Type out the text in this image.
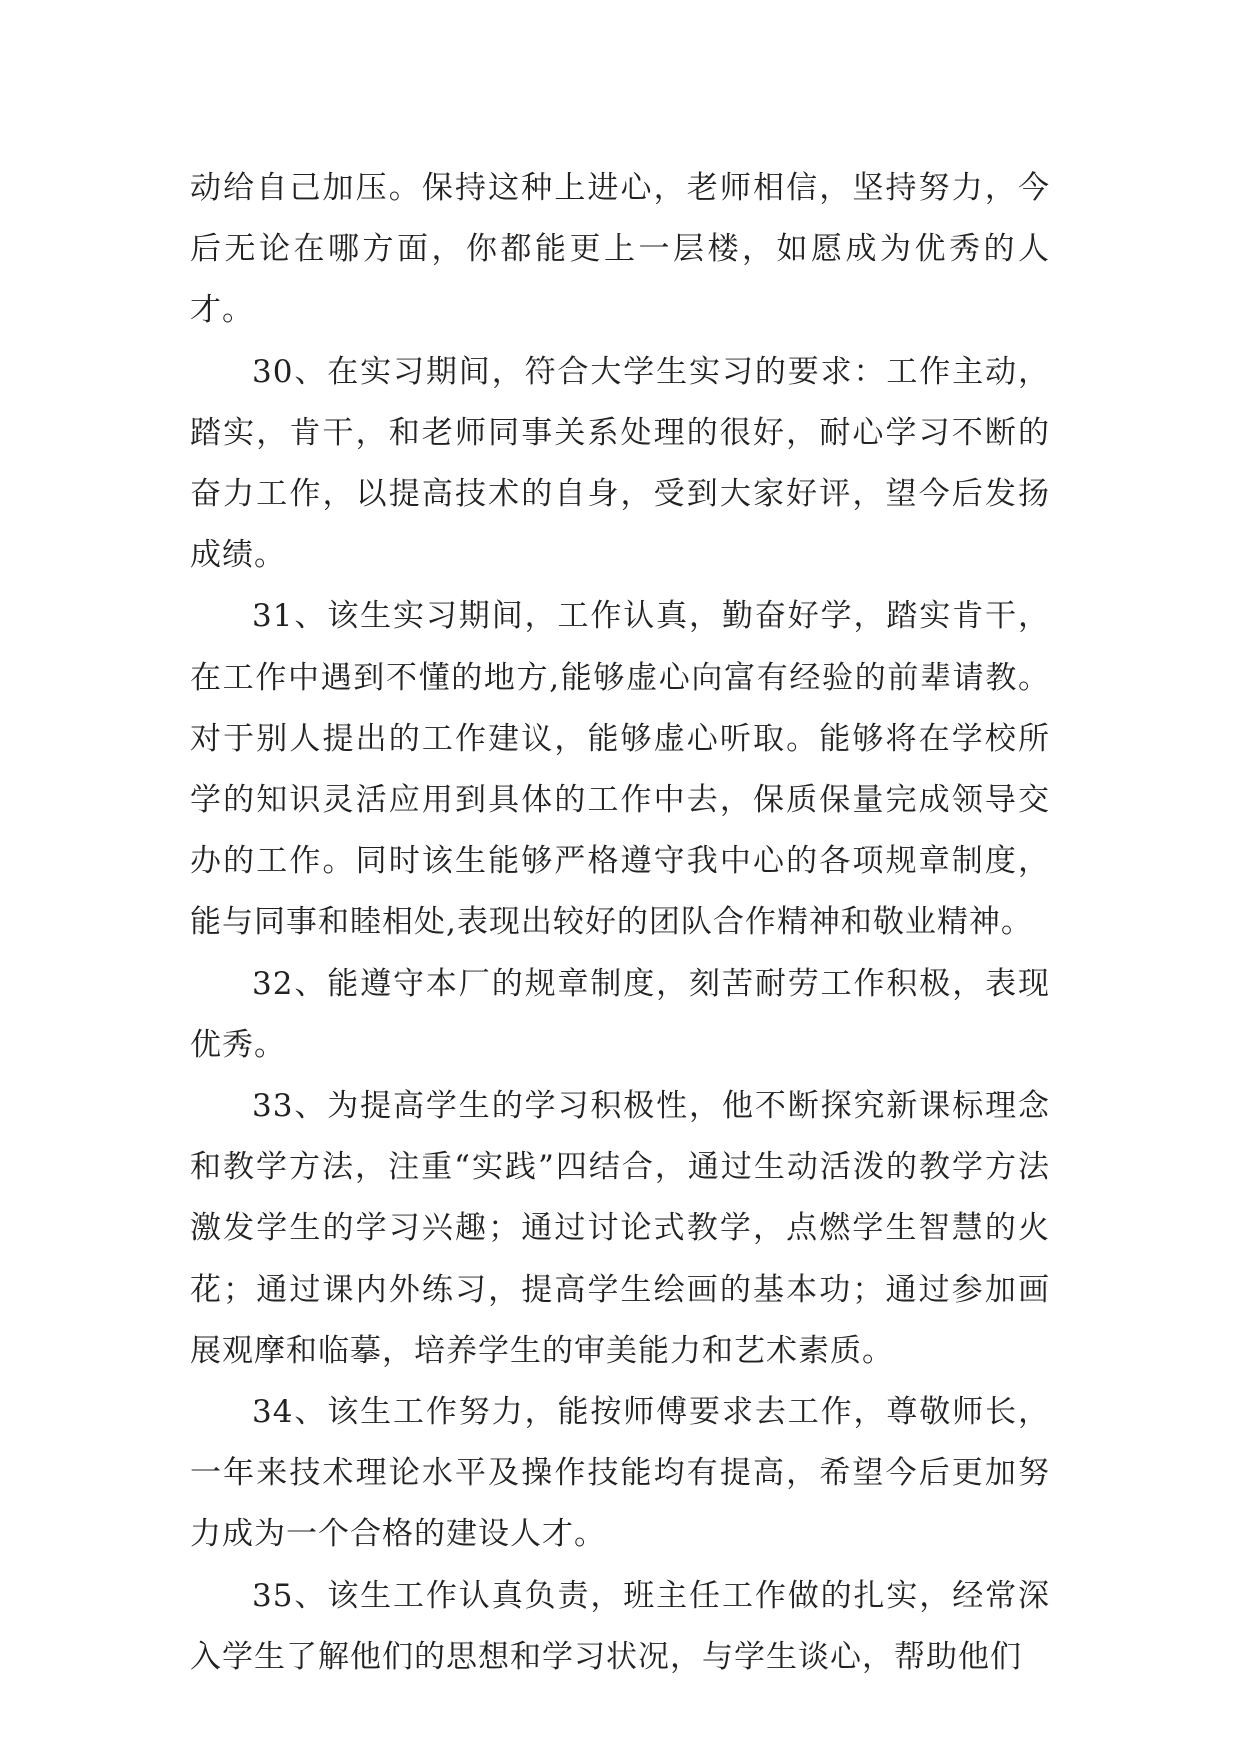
动给自己加压。保持这种上进心，老师相信，坚持努力，今后无论在哪方面，你都能更上一层楼，如愿成为优秀的人才。

30、在实习期间，符合大学生实习的要求：工作主动，踏实，肯干，和老师同事关系处理的很好，耐心学习不断的奋力工作，以提高技术的自身，受到大家好评，望今后发扬成绩。

31、该生实习期间，工作认真，勤奋好学，踏实肯干，在工作中遇到不懂的地方,能够虚心向富有经验的前辈请教。对于别人提出的工作建议，能够虚心听取。能够将在学校所学的知识灵活应用到具体的工作中去，保质保量完成领导交办的工作。同时该生能够严格遵守我中心的各项规章制度，能与同事和睦相处,表现出较好的团队合作精神和敬业精神。

32、能遵守本厂的规章制度，刻苦耐劳工作积极，表现优秀。

33、为提高学生的学习积极性，他不断探究新课标理念和教学方法，注重“实践”四结合，通过生动活泼的教学方法激发学生的学习兴趣；通过讨论式教学，点燃学生智慧的火花；通过课内外练习，提高学生绘画的基本功；通过参加画展观摩和临摹，培养学生的审美能力和艺术素质。

34、该生工作努力，能按师傅要求去工作，尊敬师长，一年来技术理论水平及操作技能均有提高，希望今后更加努力成为一个合格的建设人才。

35、该生工作认真负责，班主任工作做的扎实，经常深入学生了解他们的思想和学习状况，与学生谈心，帮助他们
